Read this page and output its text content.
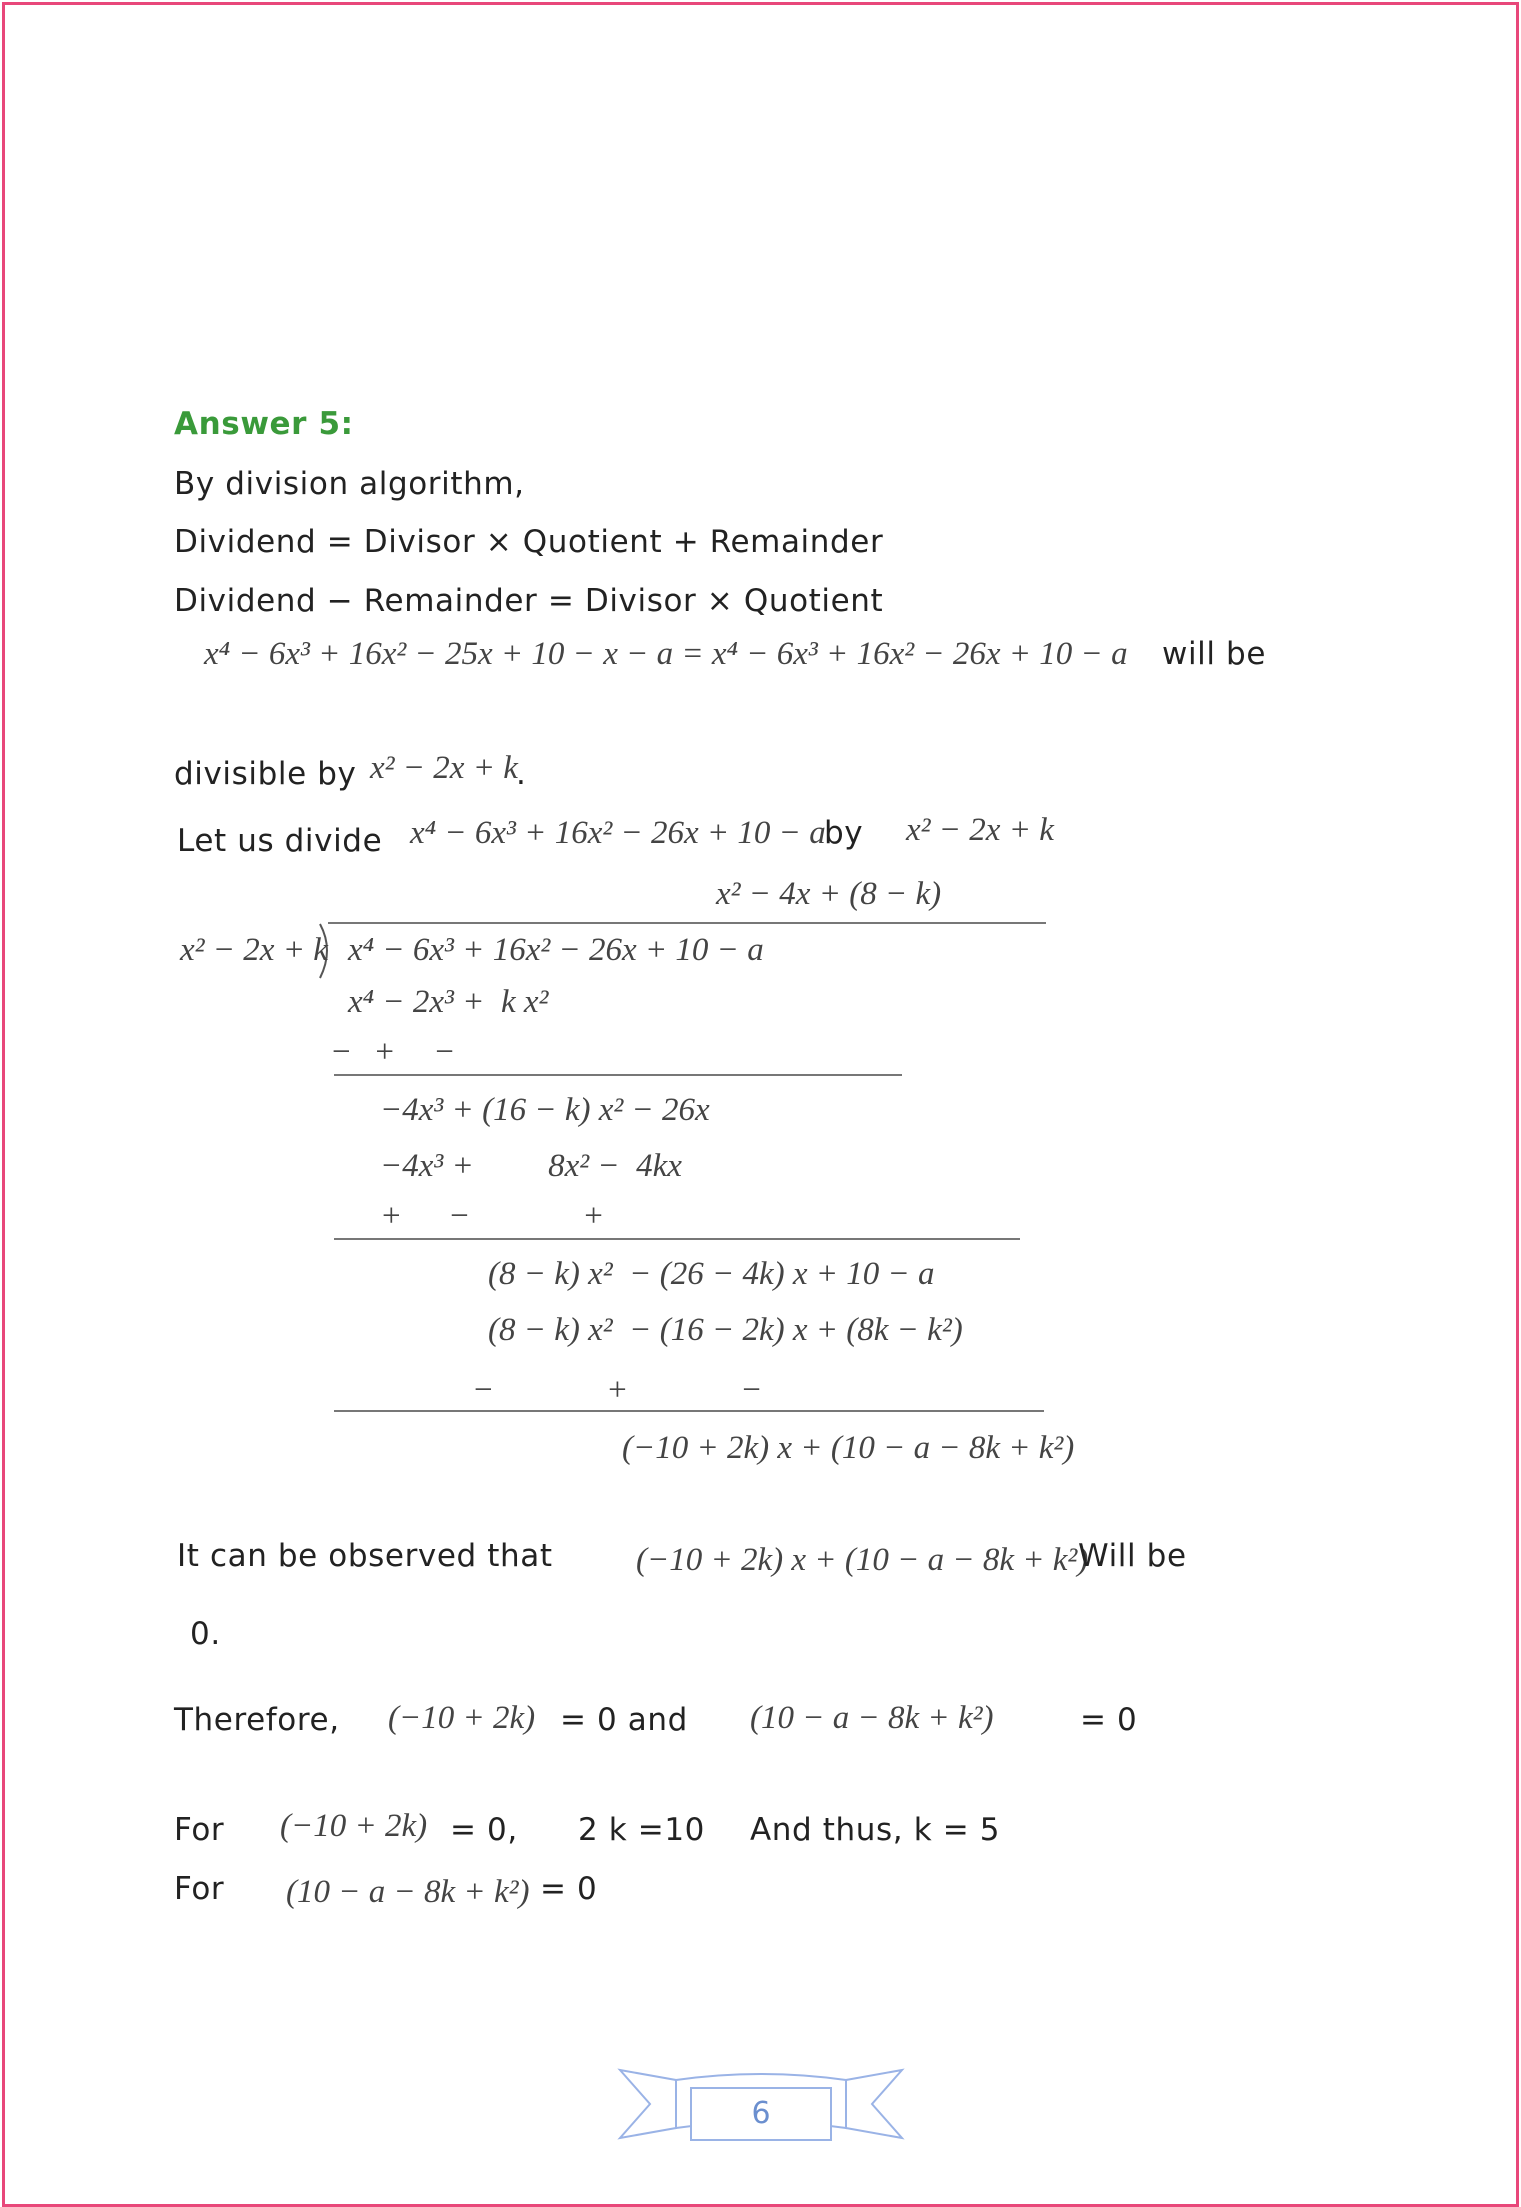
Answer 5:
By division algorithm,
Dividend = Divisor × Quotient + Remainder
Dividend − Remainder = Divisor × Quotient
x⁴ − 6x³ + 16x² − 25x + 10 − x − a = x⁴ − 6x³ + 16x² − 26x + 10 − a will be
divisible by x² − 2x + k
.
Let us divide x⁴ − 6x³ + 16x² − 26x + 10 − a
by x² − 2x + k
x² − 4x + (8 − k)
x² − 2x + k x⁴ − 6x³ + 16x² − 26x + 10 − a
x⁴ − 2x³ +  k x²
−   +     −
−4x³ + (16 − k) x² − 26x
−4x³ +         8x² −  4kx
+      −              +
(8 − k) x²  − (26 − 4k) x + 10 − a
(8 − k) x²  − (16 − 2k) x + (8k − k²)
−              +              −
(−10 + 2k) x + (10 − a − 8k + k²)
It can be observed that	(−10 + 2k) x + (10 − a − 8k + k²)
Will be
0.
Therefore, (−10 + 2k) = 0 and (10 − a − 8k + k²)	= 0
For (−10 + 2k) = 0, 2 k =10 And thus, k = 5
For (10 − a − 8k + k²) = 0
6
